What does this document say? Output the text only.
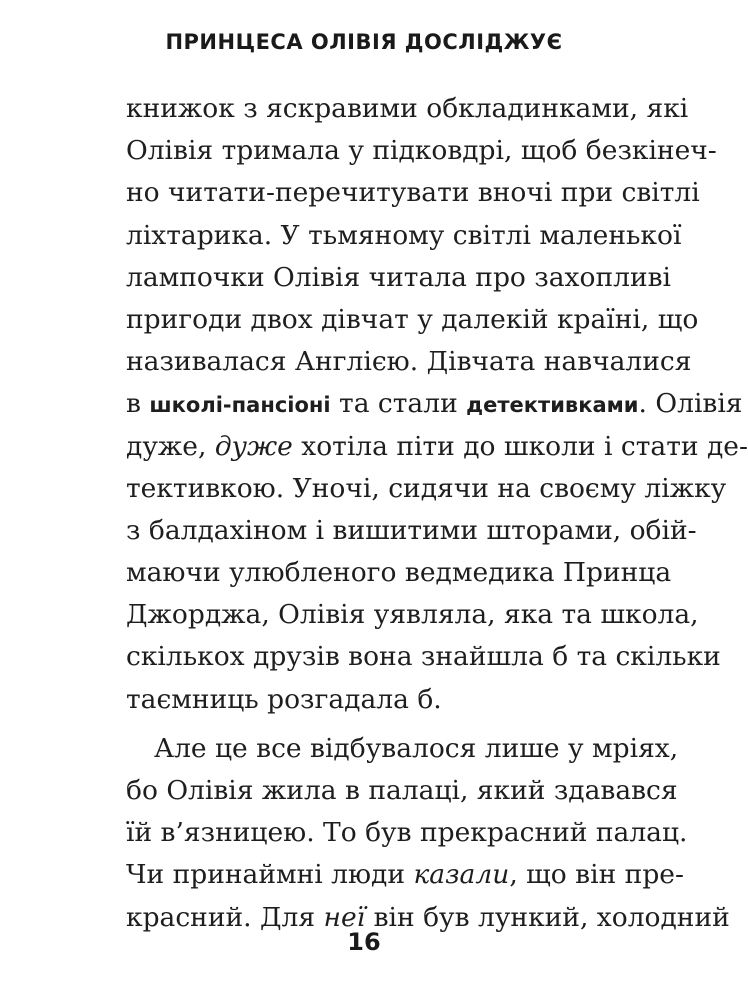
ПРИНЦЕСА ОЛІВІЯ ДОСЛІДЖУЄ
книжок з яскравими обкладинками, які
Олівія тримала у підковдрі, щоб безкінеч-
но читати-перечитувати вночі при світлі
ліхтарика. У тьмяному світлі маленької
лампочки Олівія читала про захопливі
пригоди двох дівчат у далекій країні, що
називалася Англією. Дівчата навчалися
в школі-пансіоні та стали детективками. Олівія
дуже, дуже хотіла піти до школи і стати де-
тективкою. Уночі, сидячи на своєму ліжку
з балдахіном і вишитими шторами, обій-
маючи улюбленого ведмедика Принца
Джорджа, Олівія уявляла, яка та школа,
скількох друзів вона знайшла б та скільки
таємниць розгадала б.
Але це все відбувалося лише у мріях,
бо Олівія жила в палаці, який здавався
їй в’язницею. То був прекрасний палац.
Чи принаймні люди казали, що він пре-
красний. Для неї він був лункий, холодний
16
